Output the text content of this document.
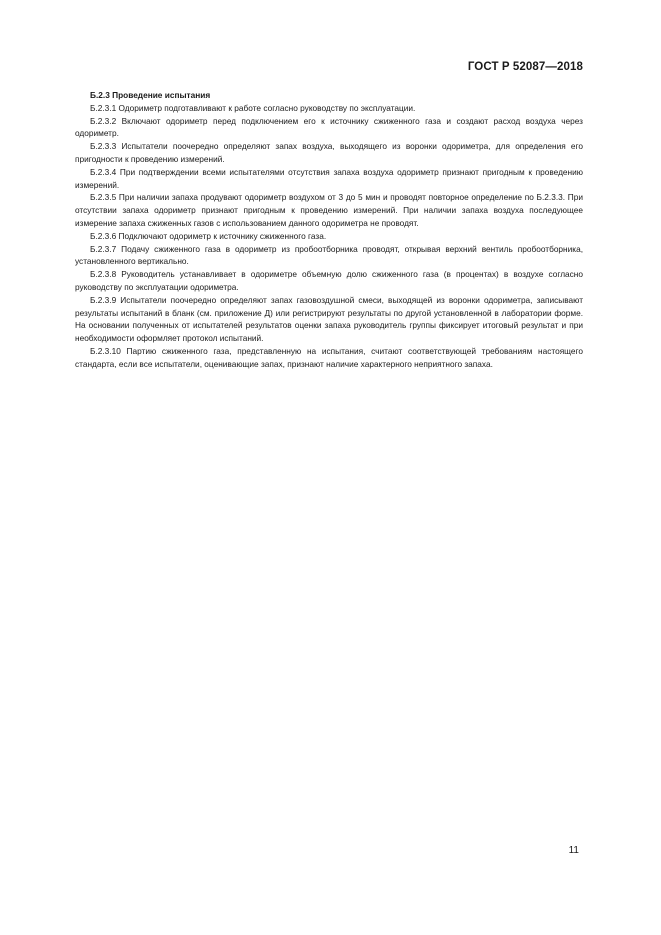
ГОСТ Р 52087—2018

Б.2.3 Проведение испытания

Б.2.3.1 Одориметр подготавливают к работе согласно руководству по эксплуатации.

Б.2.3.2 Включают одориметр перед подключением его к источнику сжиженного газа и создают расход воздуха через одориметр.

Б.2.3.3 Испытатели поочередно определяют запах воздуха, выходящего из воронки одориметра, для определения его пригодности к проведению измерений.

Б.2.3.4 При подтверждении всеми испытателями отсутствия запаха воздуха одориметр признают пригодным к проведению измерений.

Б.2.3.5 При наличии запаха продувают одориметр воздухом от 3 до 5 мин и проводят повторное определение по Б.2.3.3. При отсутствии запаха одориметр признают пригодным к проведению измерений. При наличии запаха воздуха последующее измерение запаха сжиженных газов с использованием данного одориметра не проводят.

Б.2.3.6 Подключают одориметр к источнику сжиженного газа.

Б.2.3.7 Подачу сжиженного газа в одориметр из пробоотборника проводят, открывая верхний вентиль пробоотборника, установленного вертикально.

Б.2.3.8 Руководитель устанавливает в одориметре объемную долю сжиженного газа (в процентах) в воздухе согласно руководству по эксплуатации одориметра.

Б.2.3.9 Испытатели поочередно определяют запах газовоздушной смеси, выходящей из воронки одориметра, записывают результаты испытаний в бланк (см. приложение Д) или регистрируют результаты по другой установленной в лаборатории форме. На основании полученных от испытателей результатов оценки запаха руководитель группы фиксирует итоговый результат и при необходимости оформляет протокол испытаний.

Б.2.3.10 Партию сжиженного газа, представленную на испытания, считают соответствующей требованиям настоящего стандарта, если все испытатели, оценивающие запах, признают наличие характерного неприятного запаха.

11
